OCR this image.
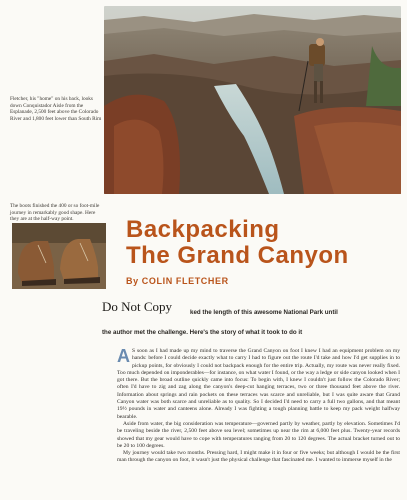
Fletcher, his "home" on his back, looks down Conquistador Aisle from the Esplanade, 2,500 feet above the Colorado River and 1,800 feet lower than South Rim
The boots finished the 400 or so foot-mile journey in remarkably good shape. Here they are at the half-way point.	Backpacking
The Grand Canyon
By COLIN FLETCHER
Do Not Copy	ked the length of this awesome National Park until
the author met the challenge. Here's the story of what it took to do it
A S soon as I had made up my mind to traverse the Grand Canyon on foot I knew I had an equipment problem on my hands: before I could decide exactly what to carry I had to figure out the route I'd take and how I'd get supplies in to pickup points, for obviously I could not backpack enough for the entire trip. Actually, my route was never really fixed. Too much depended on imponderables—for instance, on what water I found, or the way a ledge or side canyon looked when I got there. But the broad outline quickly came into focus: To begin with, I knew I couldn't just follow the Colorado River; often I'd have to zig and zag along the canyon's deep-cut hanging terraces, two or three thousand feet above the river. Information about springs and rain pockets on these terraces was scarce and unreliable, but I was quite aware that Grand Canyon water was both scarce and unreliable as to quality. So I decided I'd need to carry a full two gallons, and that meant 19½ pounds in water and canteens alone. Already I was fighting a tough planning battle to keep my pack weight halfway bearable.

Aside from water, the big consideration was temperature—governed partly by weather, partly by elevation. Sometimes I'd be traveling beside the river, 2,500 feet above sea level; sometimes up near the rim at 6,000 feet plus. Twenty-year records showed that my gear would have to cope with temperatures ranging from 20 to 120 degrees. The actual bracket turned out to be 20 to 100 degrees.

My journey would take two months. Pressing hard, I might make it in four or five weeks; but although I would be the first man through the canyon on foot, it wasn't just the physical challenge that fascinated me. I wanted to immerse myself in the
